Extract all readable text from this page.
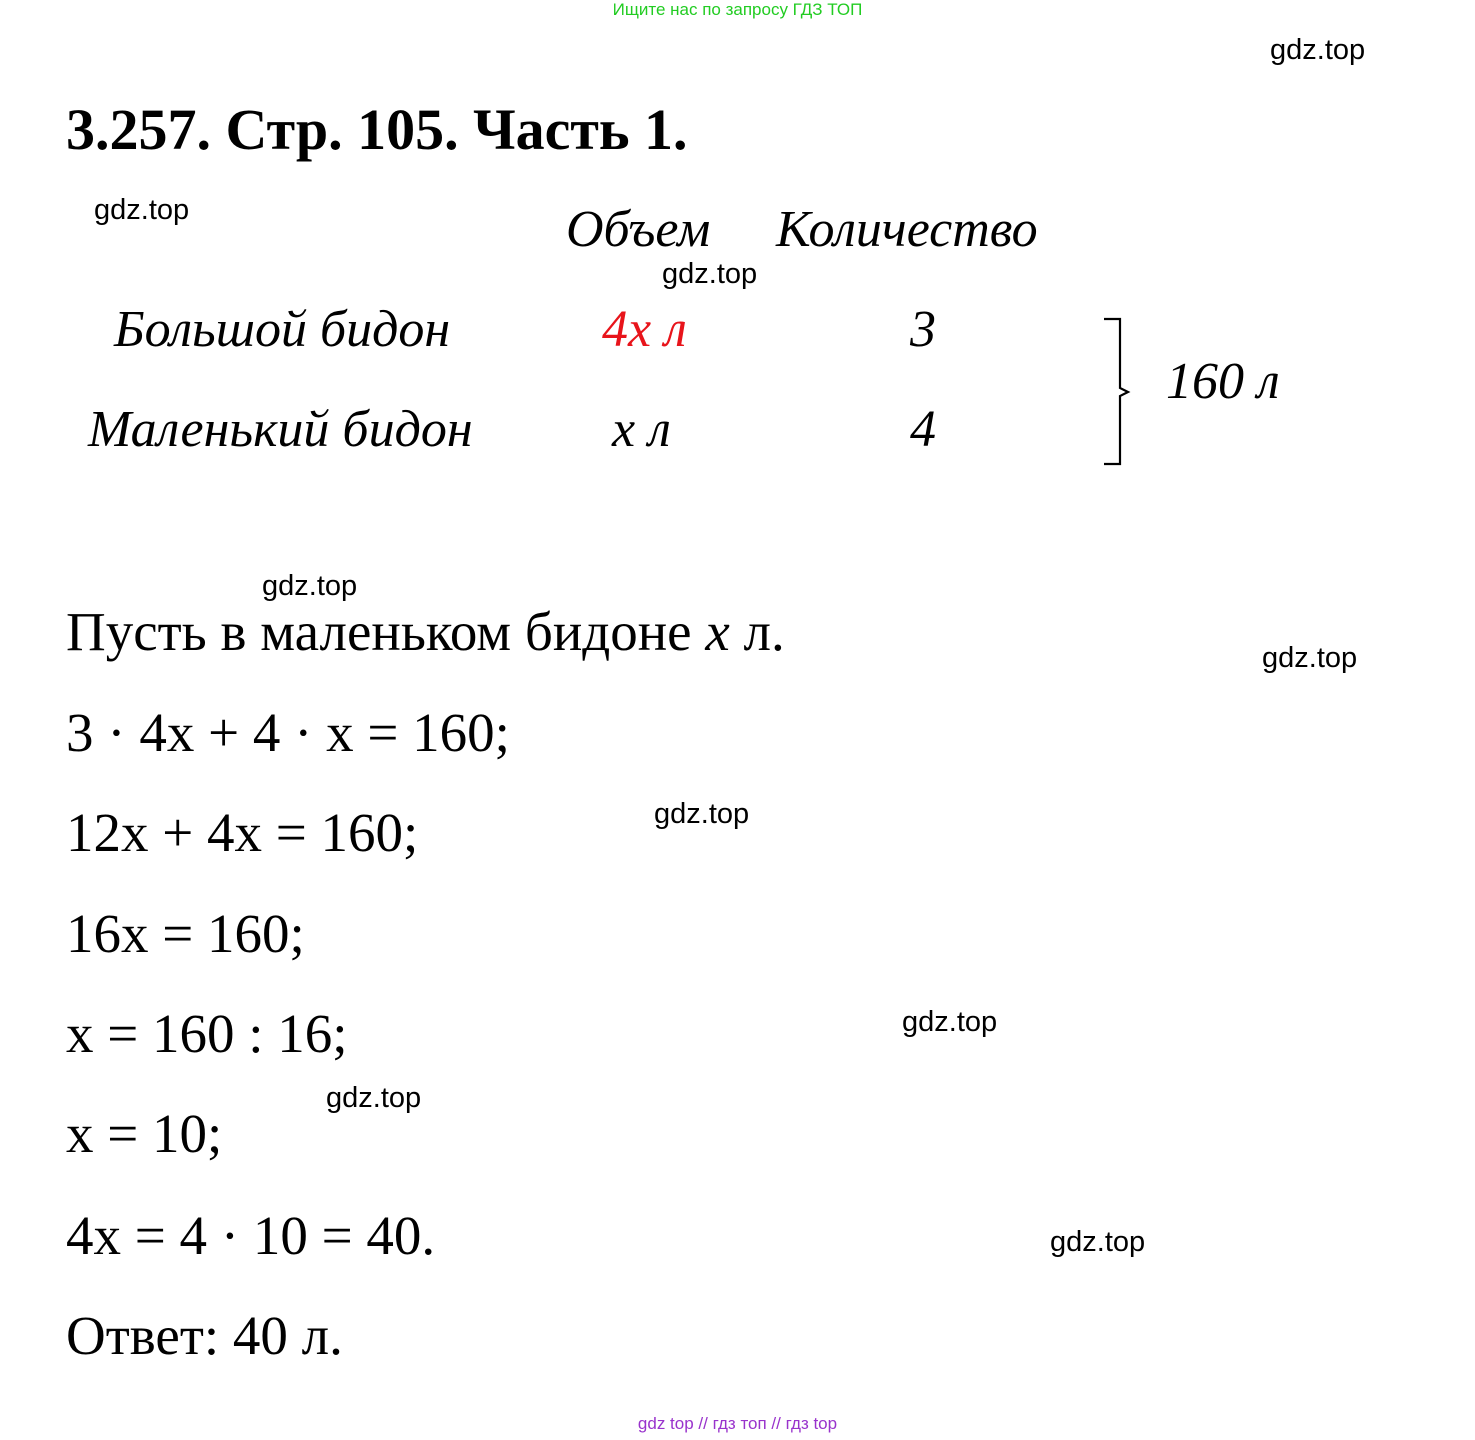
Ищите нас по запросу ГДЗ ТОП
gdz.top
gdz.top
gdz.top
gdz.top
gdz.top
gdz.top
gdz.top
gdz.top
gdz.top
3.257. Стр. 105. Часть 1.
Объем Количество
Большой бидон	4x л	3
Маленький бидон	x л	4
160 л
Пусть в маленьком бидоне x л.
3 · 4x + 4 · x = 160;
12x + 4x = 160;
16x = 160;
x = 160 : 16;
x = 10;
4x = 4 · 10 = 40.
Ответ: 40 л.
gdz top // гдз топ // гдз top
